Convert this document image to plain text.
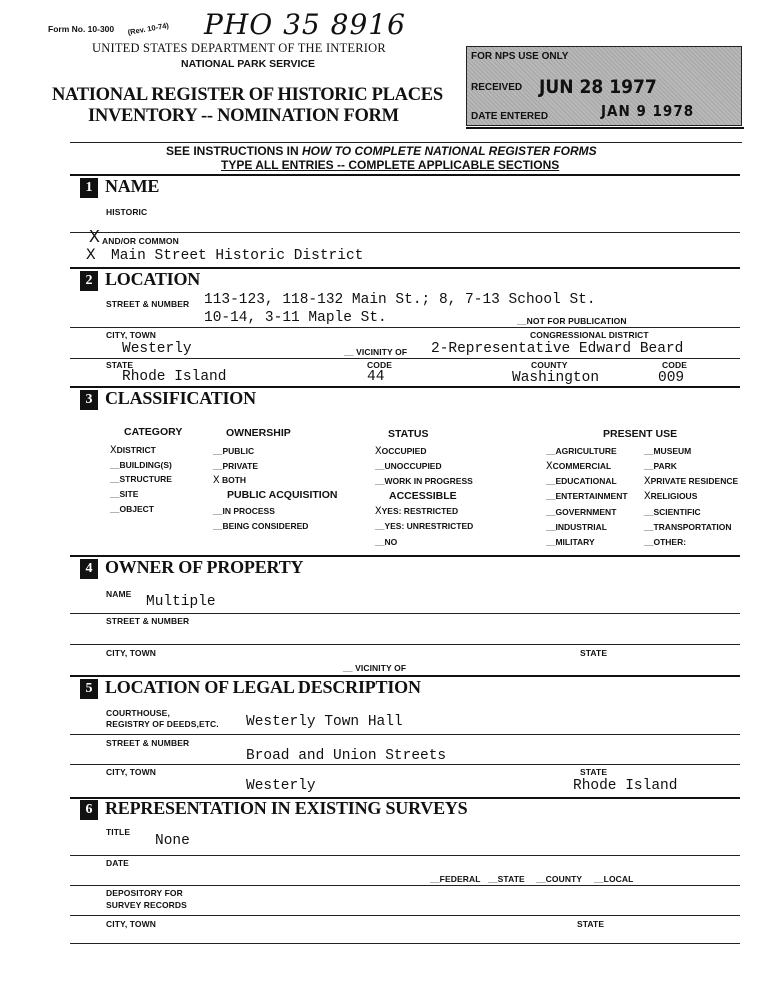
Form No. 10-300 (Rev. 10-74) PHO 35 8916
UNITED STATES DEPARTMENT OF THE INTERIOR
NATIONAL PARK SERVICE
NATIONAL REGISTER OF HISTORIC PLACES
INVENTORY -- NOMINATION FORM
FOR NPS USE ONLY
RECEIVED JUN 28 1977
DATE ENTERED	JAN 9 1978
SEE INSTRUCTIONS IN HOW TO COMPLETE NATIONAL REGISTER FORMS
TYPE ALL ENTRIES -- COMPLETE APPLICABLE SECTIONS
1 NAME
HISTORIC
AND/OR COMMON
X
X Main Street Historic District
2 LOCATION
STREET & NUMBER 113-123, 118-132 Main St.; 8, 7-13 School St.
10-14, 3-11 Maple St.	__NOT FOR PUBLICATION
CITY, TOWN	CONGRESSIONAL DISTRICT
Westerly	__ VICINITY OF 2-Representative Edward Beard
STATE	CODE	COUNTY	CODE
Rhode Island	44	Washington	009
3 CLASSIFICATION
CATEGORY	OWNERSHIP	STATUS	PRESENT USE
XDISTRICT
__BUILDING(S)
__STRUCTURE
__SITE
__OBJECT
__PUBLIC
__PRIVATE
X BOTH
PUBLIC ACQUISITION
__IN PROCESS
__BEING CONSIDERED
XOCCUPIED
__UNOCCUPIED
__WORK IN PROGRESS
ACCESSIBLE
XYES: RESTRICTED
__YES: UNRESTRICTED
__NO
__AGRICULTURE
XCOMMERCIAL
__EDUCATIONAL
__ENTERTAINMENT
__GOVERNMENT
__INDUSTRIAL
__MILITARY
__MUSEUM
__PARK
XPRIVATE RESIDENCE
XRELIGIOUS
__SCIENTIFIC
__TRANSPORTATION
__OTHER:
4 OWNER OF PROPERTY
NAME Multiple
STREET & NUMBER
CITY, TOWN	STATE
__ VICINITY OF
5 LOCATION OF LEGAL DESCRIPTION
COURTHOUSE,
REGISTRY OF DEEDS,ETC. Westerly Town Hall
STREET & NUMBER
Broad and Union Streets
CITY, TOWN	STATE
Westerly	Rhode Island
6 REPRESENTATION IN EXISTING SURVEYS
TITLE
None
DATE
__FEDERAL __STATE __COUNTY __LOCAL
DEPOSITORY FOR
SURVEY RECORDS
CITY, TOWN	STATE
